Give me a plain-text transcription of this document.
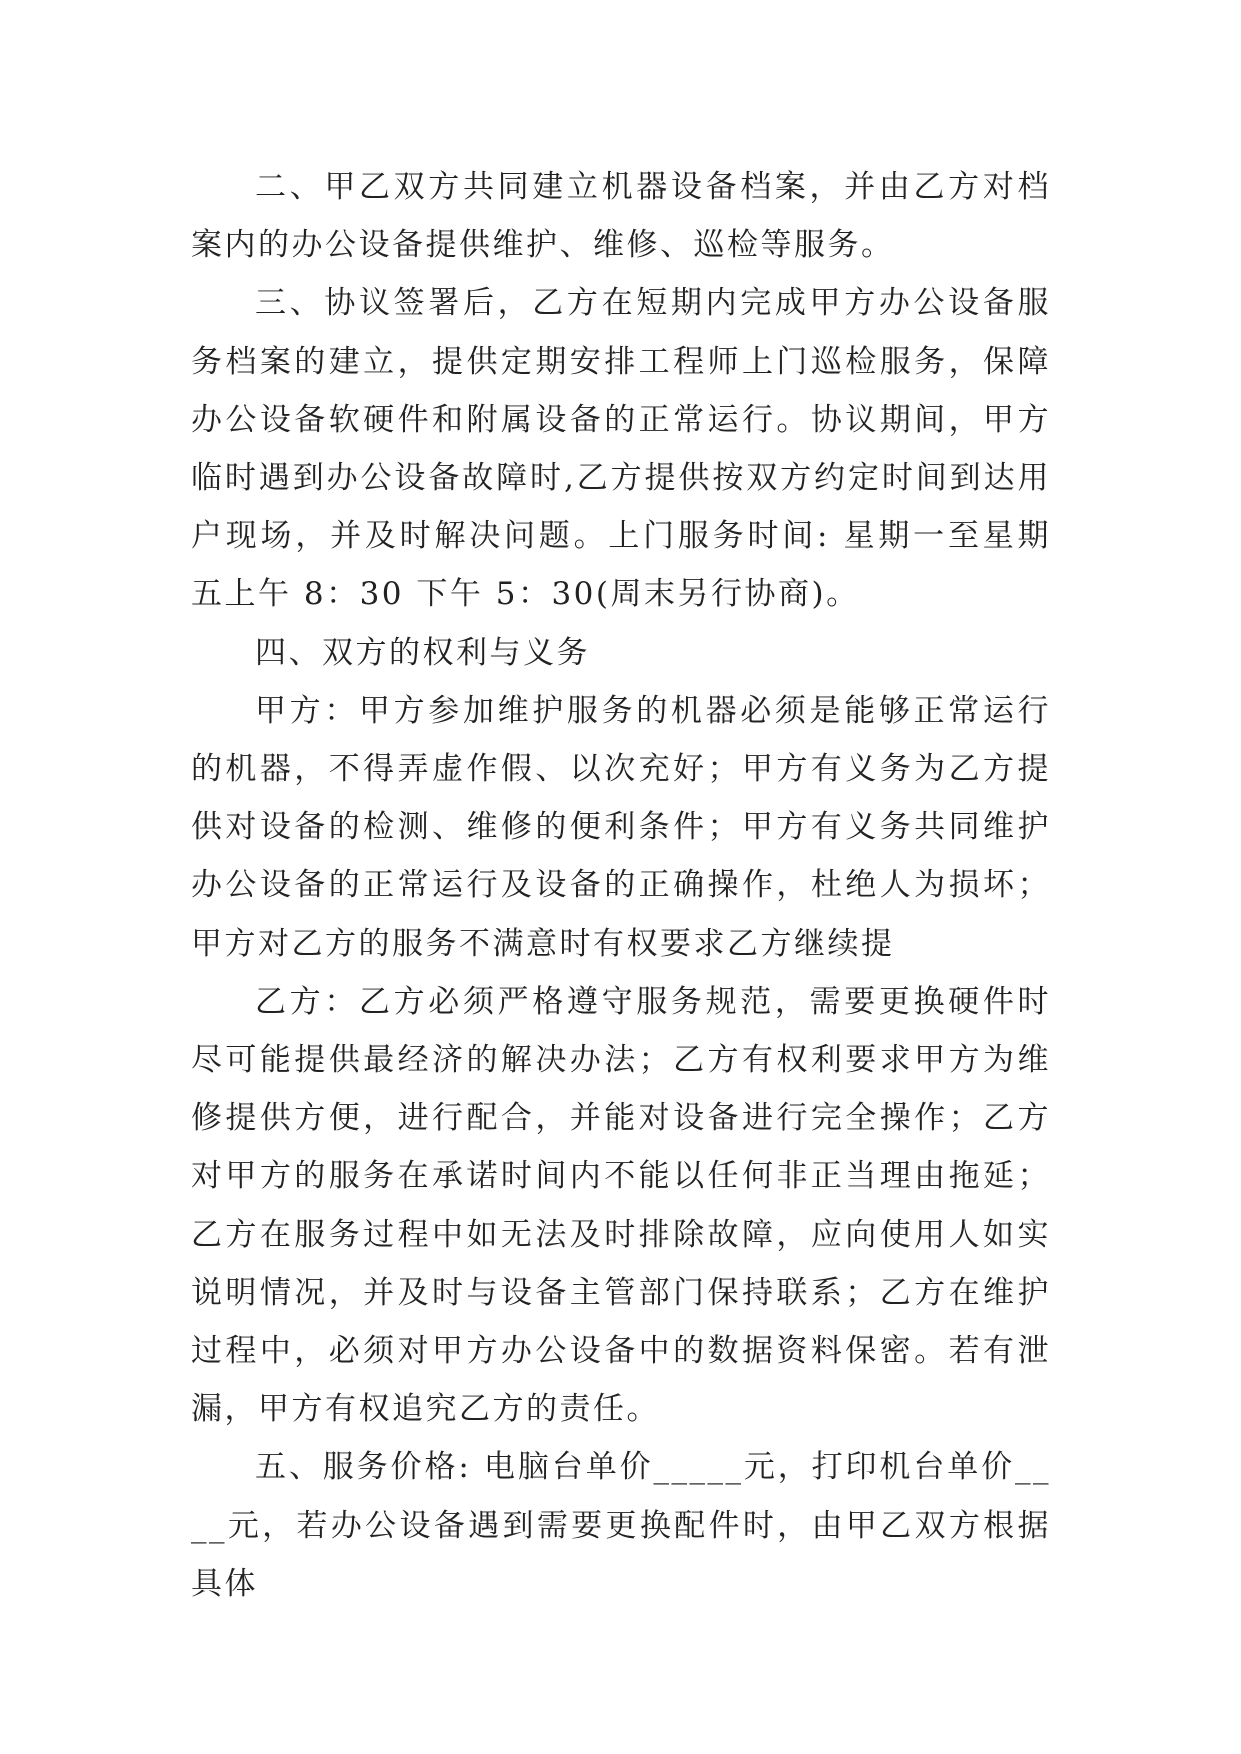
二、甲乙双方共同建立机器设备档案，并由乙方对档案内的办公设备提供维护、维修、巡检等服务。

三、协议签署后，乙方在短期内完成甲方办公设备服务档案的建立，提供定期安排工程师上门巡检服务，保障办公设备软硬件和附属设备的正常运行。协议期间，甲方临时遇到办公设备故障时,乙方提供按双方约定时间到达用户现场，并及时解决问题。上门服务时间: 星期一至星期五上午 8：30 下午 5：30(周末另行协商)。

四、双方的权利与义务

甲方：甲方参加维护服务的机器必须是能够正常运行的机器，不得弄虚作假、以次充好；甲方有义务为乙方提供对设备的检测、维修的便利条件；甲方有义务共同维护办公设备的正常运行及设备的正确操作，杜绝人为损坏；甲方对乙方的服务不满意时有权要求乙方继续提

乙方：乙方必须严格遵守服务规范，需要更换硬件时尽可能提供最经济的解决办法；乙方有权利要求甲方为维修提供方便，进行配合，并能对设备进行完全操作；乙方对甲方的服务在承诺时间内不能以任何非正当理由拖延；乙方在服务过程中如无法及时排除故障，应向使用人如实说明情况，并及时与设备主管部门保持联系；乙方在维护过程中，必须对甲方办公设备中的数据资料保密。若有泄漏，甲方有权追究乙方的责任。

五、服务价格: 电脑台单价_____元，打印机台单价____元，若办公设备遇到需要更换配件时，由甲乙双方根据具体
